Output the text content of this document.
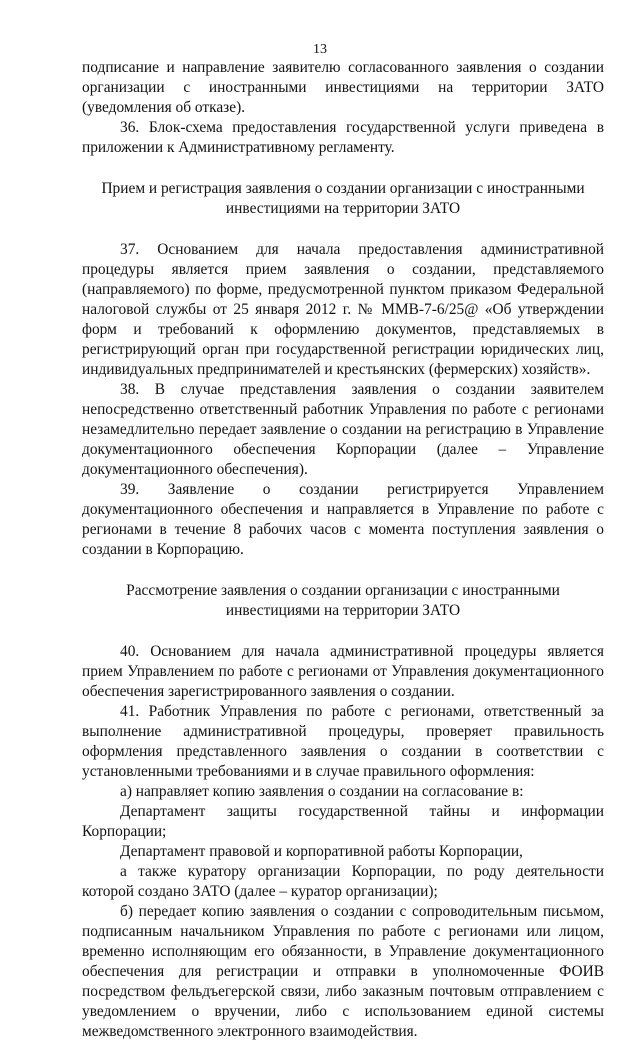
13

подписание и направление заявителю согласованного заявления о создании организации с иностранными инвестициями на территории ЗАТО (уведомления об отказе).

36. Блок-схема предоставления государственной услуги приведена в приложении к Административному регламенту.

Прием и регистрация заявления о создании организации с иностранными инвестициями на территории ЗАТО

37. Основанием для начала предоставления административной процедуры является прием заявления о создании, представляемого (направляемого) по форме, предусмотренной пунктом приказом Федеральной налоговой службы от 25 января 2012 г. № ММВ-7-6/25@ «Об утверждении форм и требований к оформлению документов, представляемых в регистрирующий орган при государственной регистрации юридических лиц, индивидуальных предпринимателей и крестьянских (фермерских) хозяйств».

38. В случае представления заявления о создании заявителем непосредственно ответственный работник Управления по работе с регионами незамедлительно передает заявление о создании на регистрацию в Управление документационного обеспечения Корпорации (далее – Управление документационного обеспечения).

39. Заявление о создании регистрируется Управлением документационного обеспечения и направляется в Управление по работе с регионами в течение 8 рабочих часов с момента поступления заявления о создании в Корпорацию.

Рассмотрение заявления о создании организации с иностранными инвестициями на территории ЗАТО

40. Основанием для начала административной процедуры является прием Управлением по работе с регионами от Управления документационного обеспечения зарегистрированного заявления о создании.

41. Работник Управления по работе с регионами, ответственный за выполнение административной процедуры, проверяет правильность оформления представленного заявления о создании в соответствии с установленными требованиями и в случае правильного оформления:

а) направляет копию заявления о создании на согласование в:

Департамент защиты государственной тайны и информации Корпорации;

Департамент правовой и корпоративной работы Корпорации,

а также куратору организации Корпорации, по роду деятельности которой создано ЗАТО (далее – куратор организации);

б) передает копию заявления о создании с сопроводительным письмом, подписанным начальником Управления по работе с регионами или лицом, временно исполняющим его обязанности, в Управление документационного обеспечения для регистрации и отправки в уполномоченные ФОИВ посредством фельдъегерской связи, либо заказным почтовым отправлением с уведомлением о вручении, либо с использованием единой системы межведомственного электронного взаимодействия.
